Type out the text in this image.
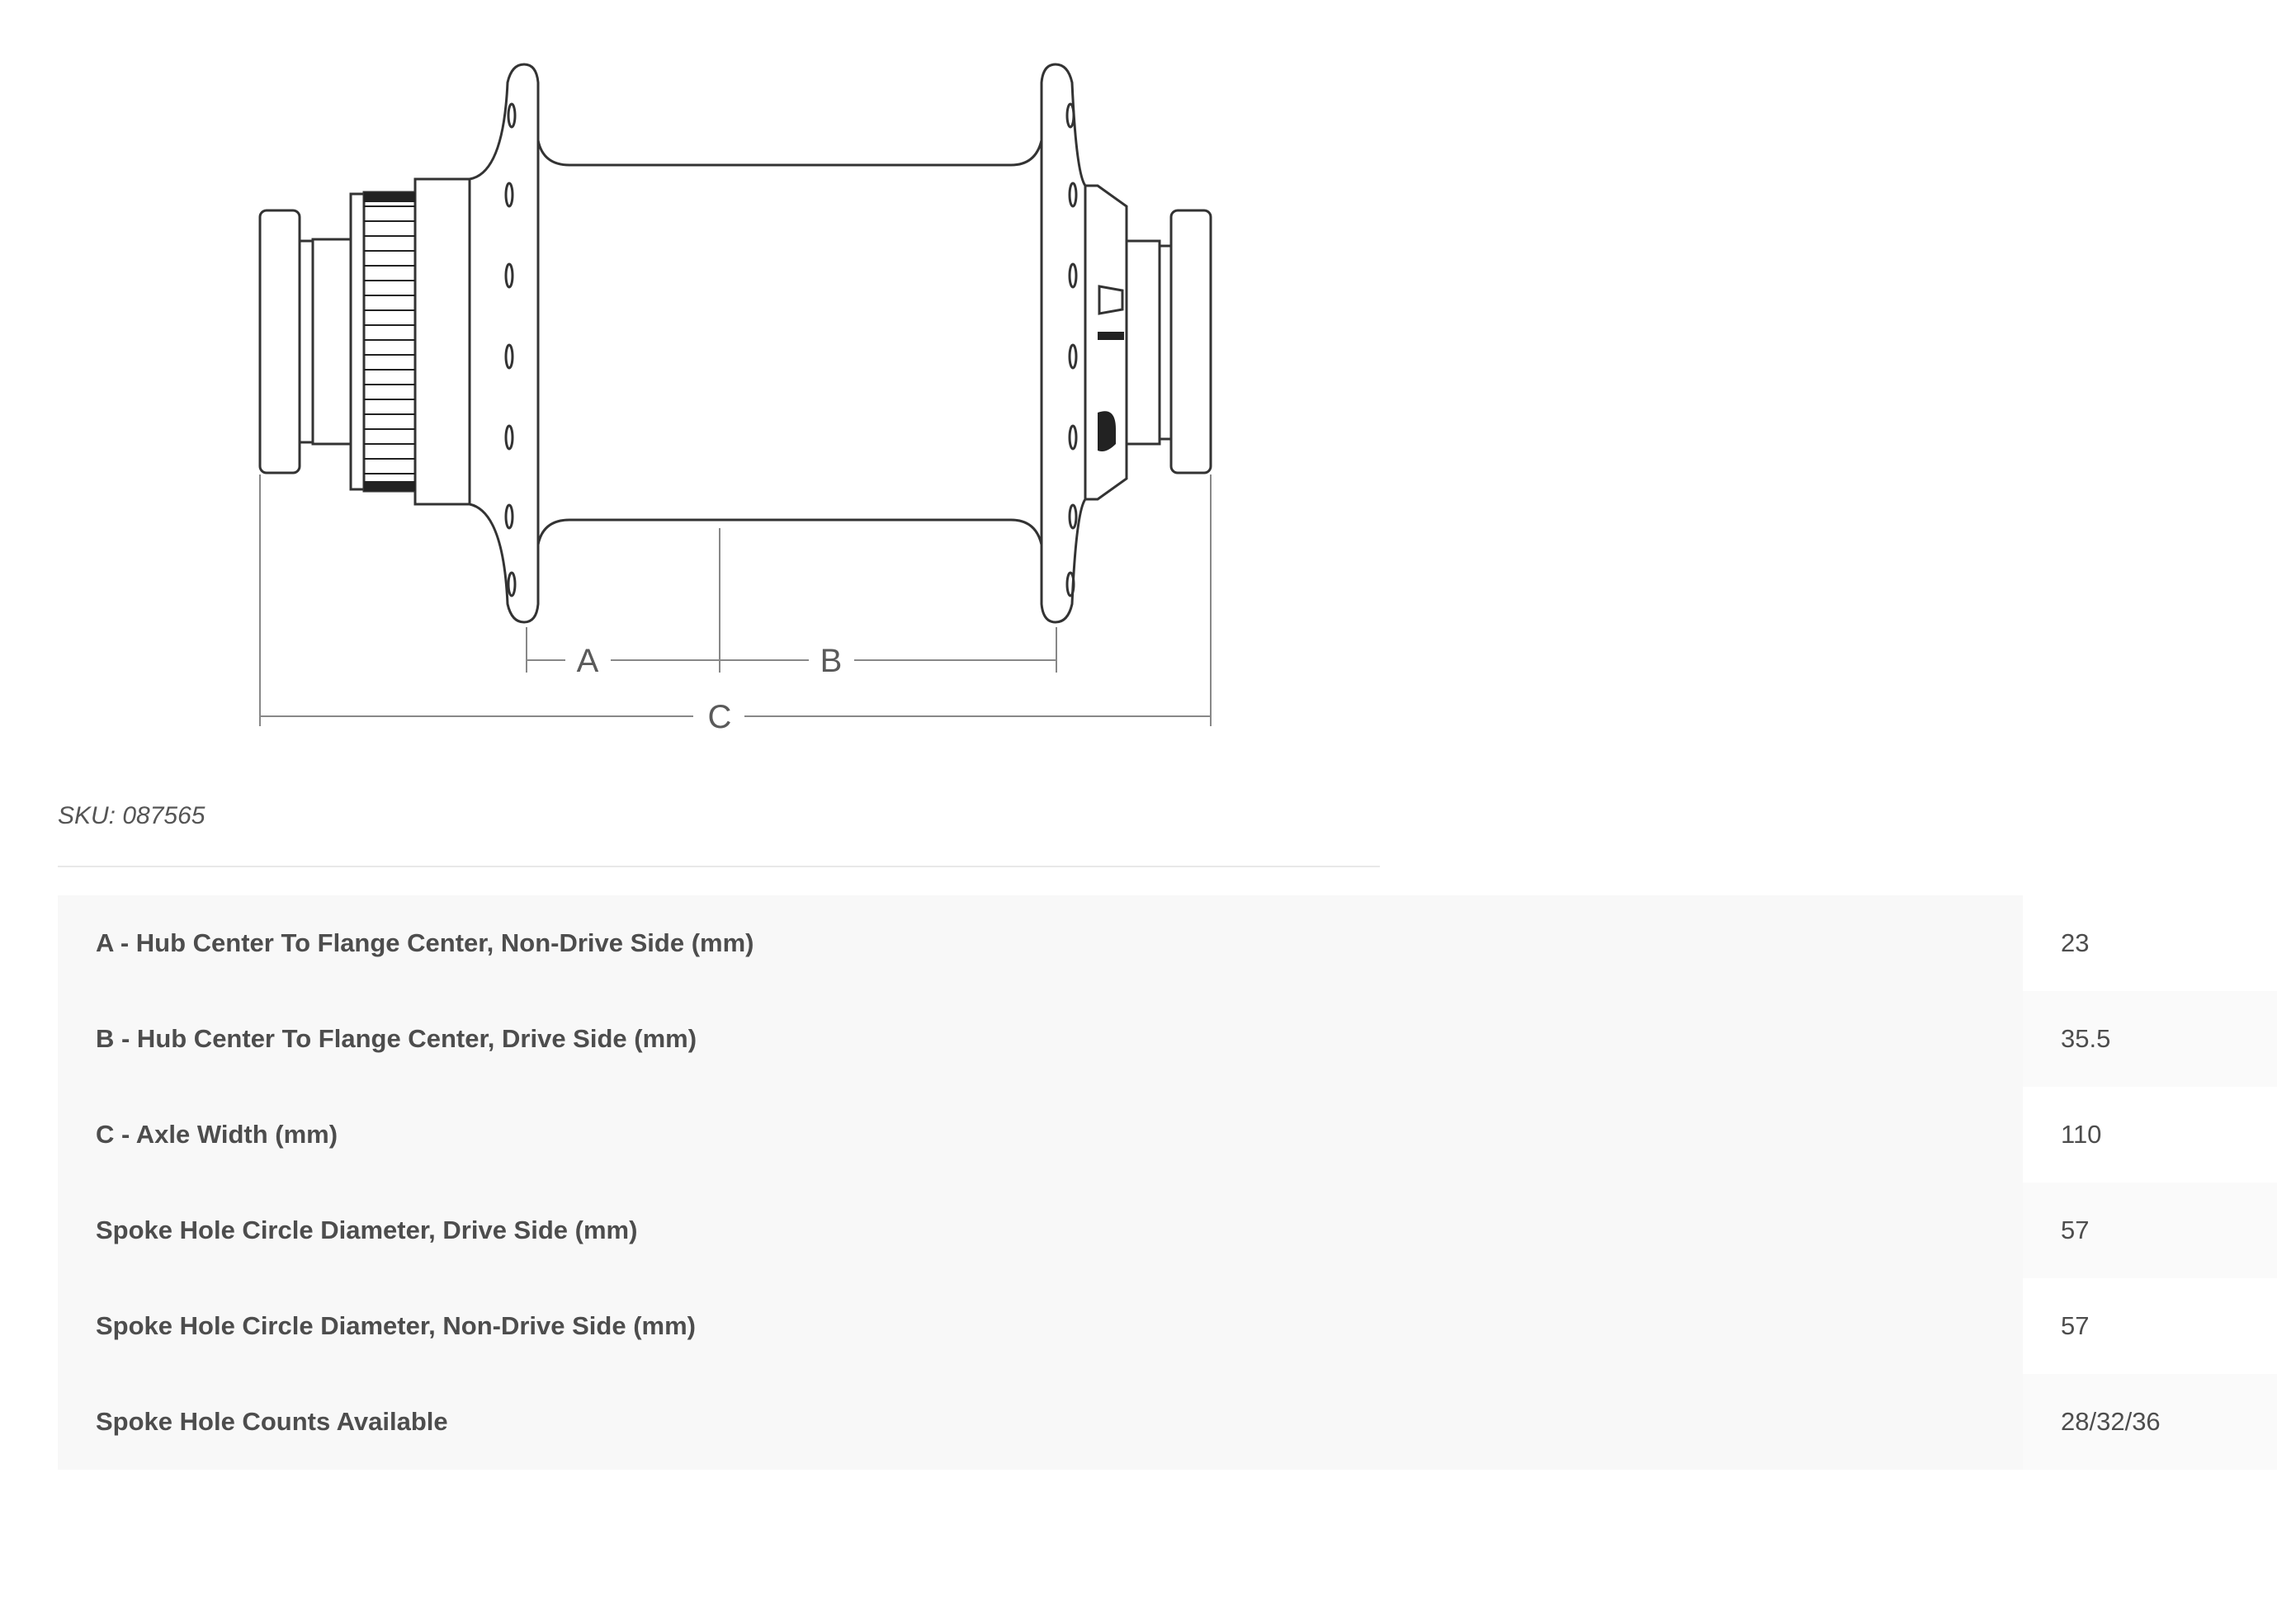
A	B
C
SKU: 087565
A - Hub Center To Flange Center, Non-Drive Side (mm)	23
B - Hub Center To Flange Center, Drive Side (mm)	35.5
C - Axle Width (mm)	110
Spoke Hole Circle Diameter, Drive Side (mm)	57
Spoke Hole Circle Diameter, Non-Drive Side (mm)	57
Spoke Hole Counts Available	28/32/36
